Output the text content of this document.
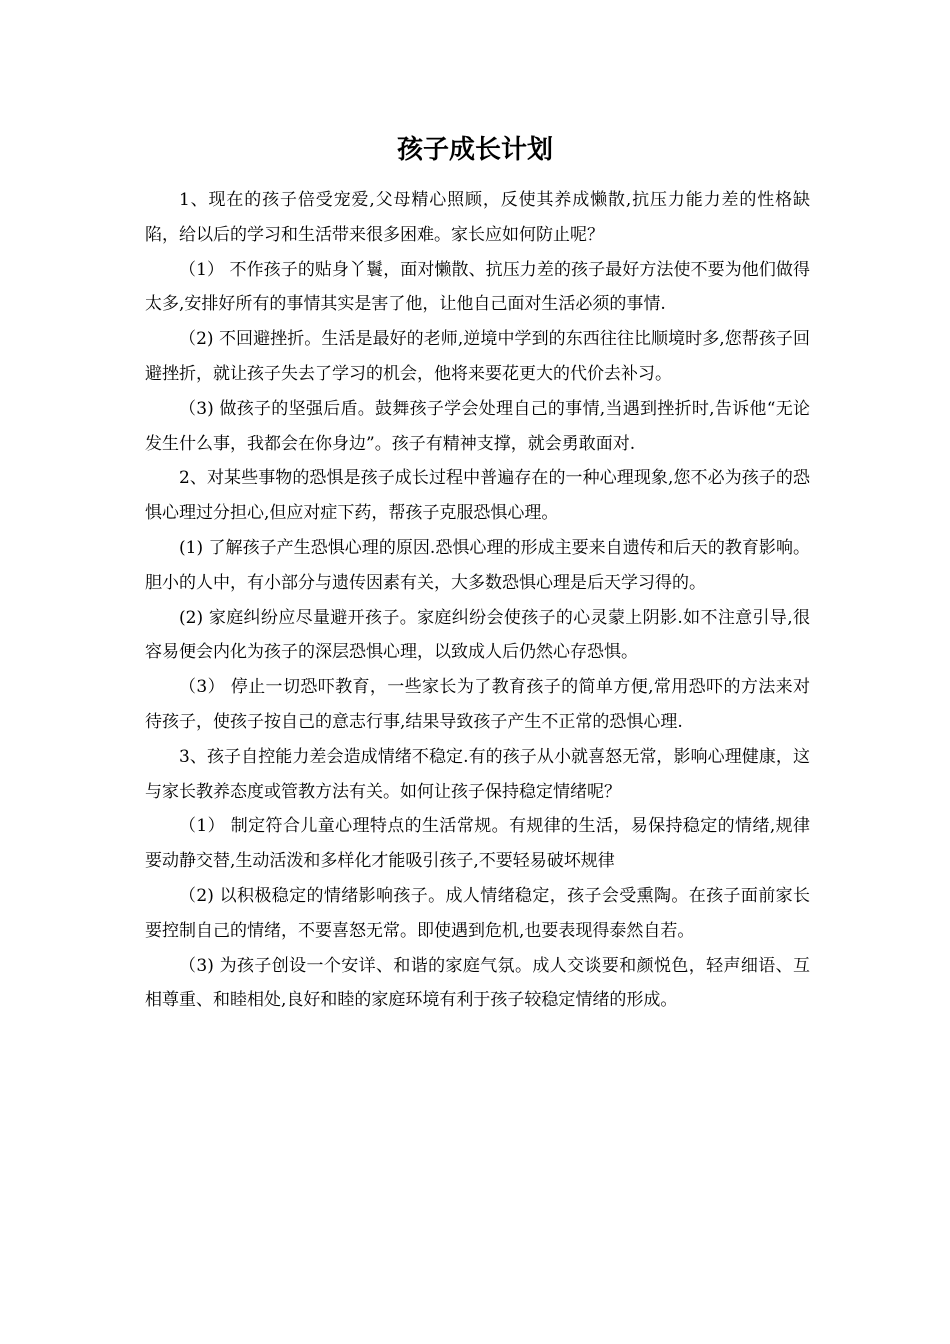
孩子成长计划

1、现在的孩子倍受宠爱,父母精心照顾，反使其养成懒散,抗压力能力差的性格缺陷，给以后的学习和生活带来很多困难。家长应如何防止呢？

（1） 不作孩子的贴身丫鬟，面对懒散、抗压力差的孩子最好方法使不要为他们做得太多,安排好所有的事情其实是害了他，让他自己面对生活必须的事情.

（2) 不回避挫折。生活是最好的老师,逆境中学到的东西往往比顺境时多,您帮孩子回避挫折，就让孩子失去了学习的机会，他将来要花更大的代价去补习。

（3) 做孩子的坚强后盾。鼓舞孩子学会处理自己的事情,当遇到挫折时,告诉他“无论发生什么事，我都会在你身边”。孩子有精神支撑，就会勇敢面对.

2、对某些事物的恐惧是孩子成长过程中普遍存在的一种心理现象,您不必为孩子的恐惧心理过分担心,但应对症下药，帮孩子克服恐惧心理。

(1) 了解孩子产生恐惧心理的原因.恐惧心理的形成主要来自遗传和后天的教育影响。胆小的人中，有小部分与遗传因素有关，大多数恐惧心理是后天学习得的。

(2) 家庭纠纷应尽量避开孩子。家庭纠纷会使孩子的心灵蒙上阴影.如不注意引导,很容易便会内化为孩子的深层恐惧心理，以致成人后仍然心存恐惧。

（3） 停止一切恐吓教育，一些家长为了教育孩子的简单方便,常用恐吓的方法来对待孩子，使孩子按自己的意志行事,结果导致孩子产生不正常的恐惧心理.

3、孩子自控能力差会造成情绪不稳定.有的孩子从小就喜怒无常，影响心理健康，这与家长教养态度或管教方法有关。如何让孩子保持稳定情绪呢？

（1） 制定符合儿童心理特点的生活常规。有规律的生活，易保持稳定的情绪,规律要动静交替,生动活泼和多样化才能吸引孩子,不要轻易破坏规律

（2) 以积极稳定的情绪影响孩子。成人情绪稳定，孩子会受熏陶。在孩子面前家长要控制自己的情绪，不要喜怒无常。即使遇到危机,也要表现得泰然自若。

（3) 为孩子创设一个安详、和谐的家庭气氛。成人交谈要和颜悦色，轻声细语、互相尊重、和睦相处,良好和睦的家庭环境有利于孩子较稳定情绪的形成。
